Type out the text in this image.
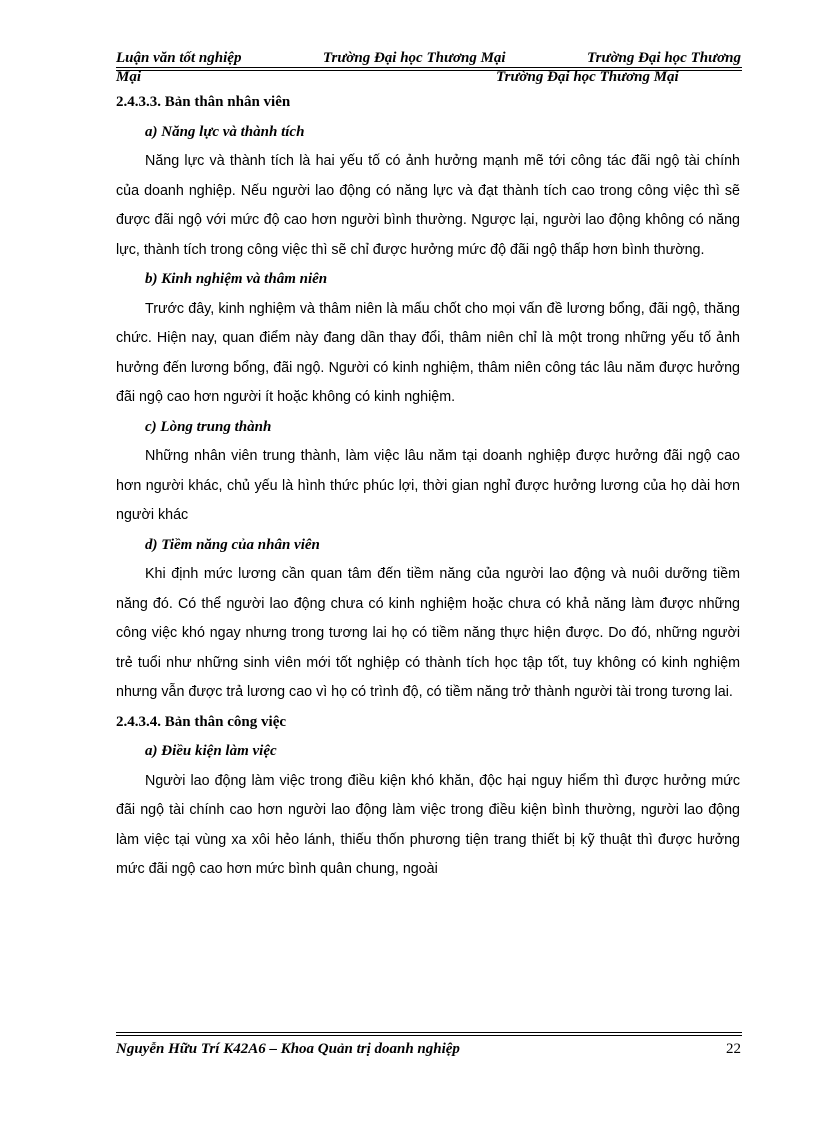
Luận văn tốt nghiệp	Trường Đại học Thương Mại	Trường Đại học Thương
Mại	Trường Đại học Thương Mại

2.4.3.3. Bản thân nhân viên

a) Năng lực và thành tích

Năng lực và thành tích là hai yếu tố có ảnh hưởng mạnh mẽ tới công tác đãi ngộ tài chính của doanh nghiệp. Nếu người lao động có năng lực và đạt thành tích cao trong công việc thì sẽ được đãi ngộ với mức độ cao hơn người bình thường. Ngược lại, người lao động không có năng lực, thành tích trong công việc thì sẽ chỉ được hưởng mức độ đãi ngộ thấp hơn bình thường.

b) Kinh nghiệm và thâm niên

Trước đây, kinh nghiệm và thâm niên là mấu chốt cho mọi vấn đề lương bổng, đãi ngộ, thăng chức. Hiện nay, quan điểm này đang dần thay đổi, thâm niên chỉ là một trong những yếu tố ảnh hưởng đến lương bổng, đãi ngộ. Người có kinh nghiệm, thâm niên công tác lâu năm được hưởng đãi ngộ cao hơn người ít hoặc không có kinh nghiệm.

c) Lòng trung thành

Những nhân viên trung thành, làm việc lâu năm tại doanh nghiệp được hưởng đãi ngộ cao hơn người khác, chủ yếu là hình thức phúc lợi, thời gian nghỉ được hưởng lương của họ dài hơn người khác

d) Tiềm năng của nhân viên

Khi định mức lương cần quan tâm đến tiềm năng của người lao động và nuôi dưỡng tiềm năng đó. Có thể người lao động chưa có kinh nghiệm hoặc chưa có khả năng làm được những công việc khó ngay nhưng trong tương lai họ có tiềm năng thực hiện được. Do đó, những người trẻ tuổi như những sinh viên mới tốt nghiệp có thành tích học tập tốt, tuy không có kinh nghiệm nhưng vẫn được trả lương cao vì họ có trình độ, có tiềm năng trở thành người tài trong tương lai.

2.4.3.4. Bản thân công việc

a) Điều kiện làm việc

Người lao động làm việc trong điều kiện khó khăn, độc hại nguy hiểm thì được hưởng mức đãi ngộ tài chính cao hơn người lao động làm việc trong điều kiện bình thường, người lao động làm việc tại vùng xa xôi hẻo lánh, thiếu thốn phương tiện trang thiết bị kỹ thuật thì được hưởng mức đãi ngộ cao hơn mức bình quân chung, ngoài

Nguyễn Hữu Trí K42A6 – Khoa Quản trị doanh nghiệp	22
